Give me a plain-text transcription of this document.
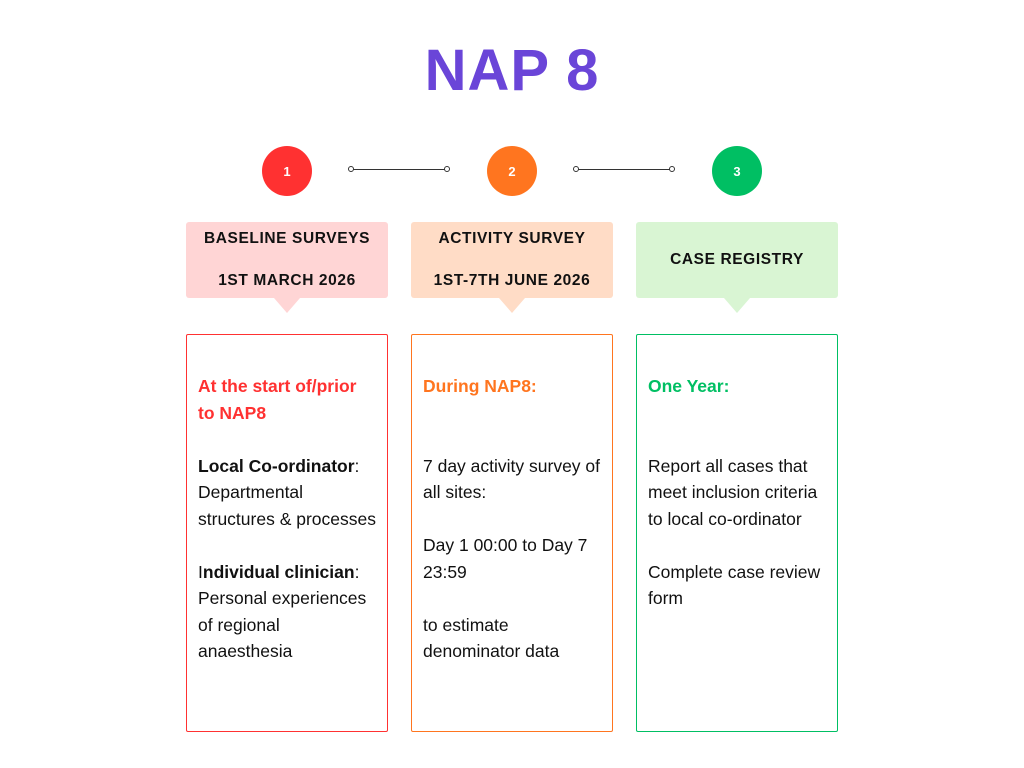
NAP 8
1	2	3
BASELINE SURVEYS
1ST MARCH 2026
ACTIVITY SURVEY
1ST-7TH JUNE 2026
CASE REGISTRY

At the start of/prior to NAP8

Local Co-ordinator: Departmental structures & processes

Individual clinician: Personal experiences of regional anaesthesia

During NAP8:

7 day activity survey of all sites:

Day 1 00:00 to Day 7 23:59

to estimate denominator data

One Year:

Report all cases that meet inclusion criteria to local co-ordinator

Complete case review form
